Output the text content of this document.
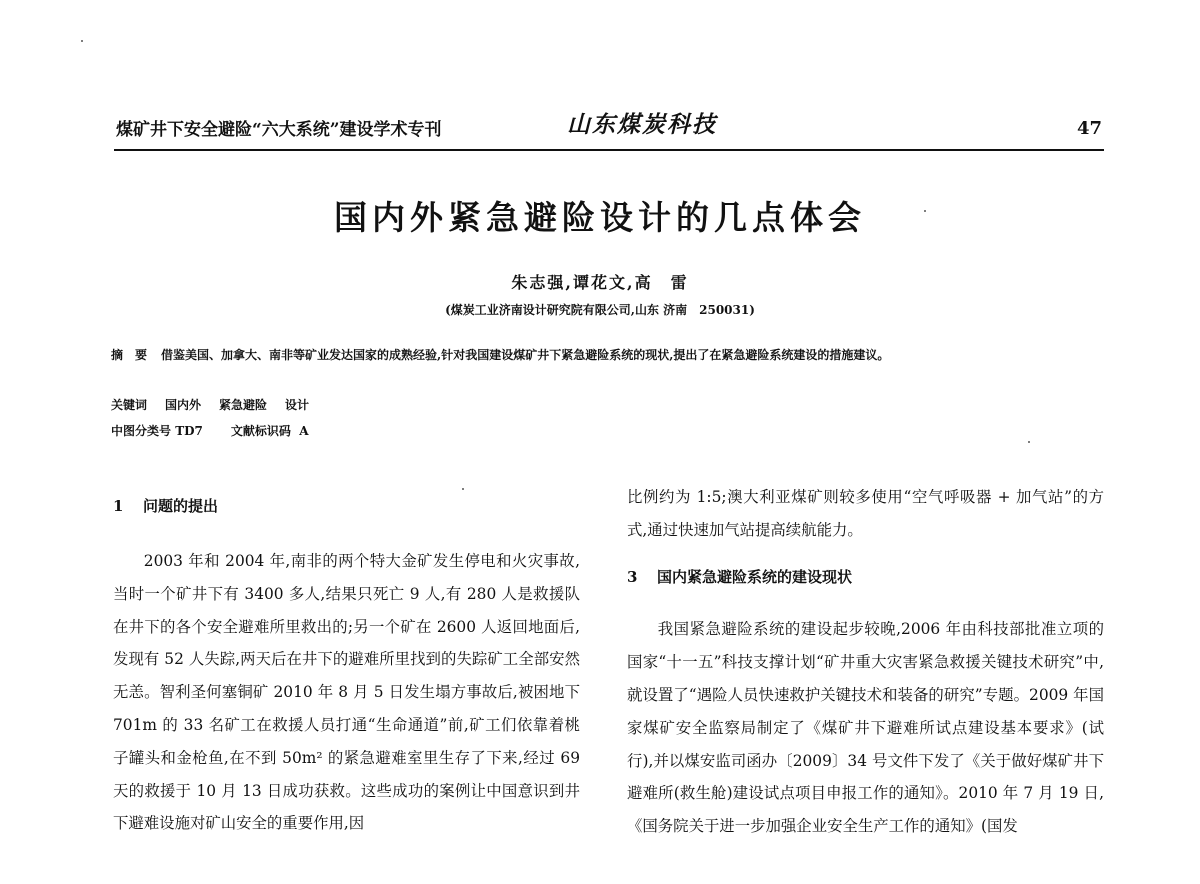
煤矿井下安全避险“六大系统”建设学术专刊	山东煤炭科技	47
国内外紧急避险设计的几点体会
朱志强,谭花文,高　雷
(煤炭工业济南设计研究院有限公司,山东 济南　250031)
摘　要 借鉴美国、加拿大、南非等矿业发达国家的成熟经验,针对我国建设煤矿井下紧急避险系统的现状,提出了在紧急避险系统建设的措施建议。
关键词 国内外 紧急避险 设计
中图分类号 TD7 文献标识码 A
1 问题的提出

2003 年和 2004 年,南非的两个特大金矿发生停电和火灾事故,当时一个矿井下有 3400 多人,结果只死亡 9 人,有 280 人是救援队在井下的各个安全避难所里救出的;另一个矿在 2600 人返回地面后,发现有 52 人失踪,两天后在井下的避难所里找到的失踪矿工全部安然无恙。智利圣何塞铜矿 2010 年 8 月 5 日发生塌方事故后,被困地下 701m 的 33 名矿工在救援人员打通“生命通道”前,矿工们依靠着桃子罐头和金枪鱼,在不到 50m² 的紧急避难室里生存了下来,经过 69 天的救援于 10 月 13 日成功获救。这些成功的案例让中国意识到井下避难设施对矿山安全的重要作用,因

比例约为 1:5;澳大利亚煤矿则较多使用“空气呼吸器 + 加气站”的方式,通过快速加气站提高续航能力。

3 国内紧急避险系统的建设现状

我国紧急避险系统的建设起步较晚,2006 年由科技部批准立项的国家“十一五”科技支撑计划“矿井重大灾害紧急救援关键技术研究”中,就设置了“遇险人员快速救护关键技术和装备的研究”专题。2009 年国家煤矿安全监察局制定了《煤矿井下避难所试点建设基本要求》(试行),并以煤安监司函办〔2009〕34 号文件下发了《关于做好煤矿井下避难所(救生舱)建设试点项目申报工作的通知》。2010 年 7 月 19 日,《国务院关于进一步加强企业安全生产工作的通知》(国发
